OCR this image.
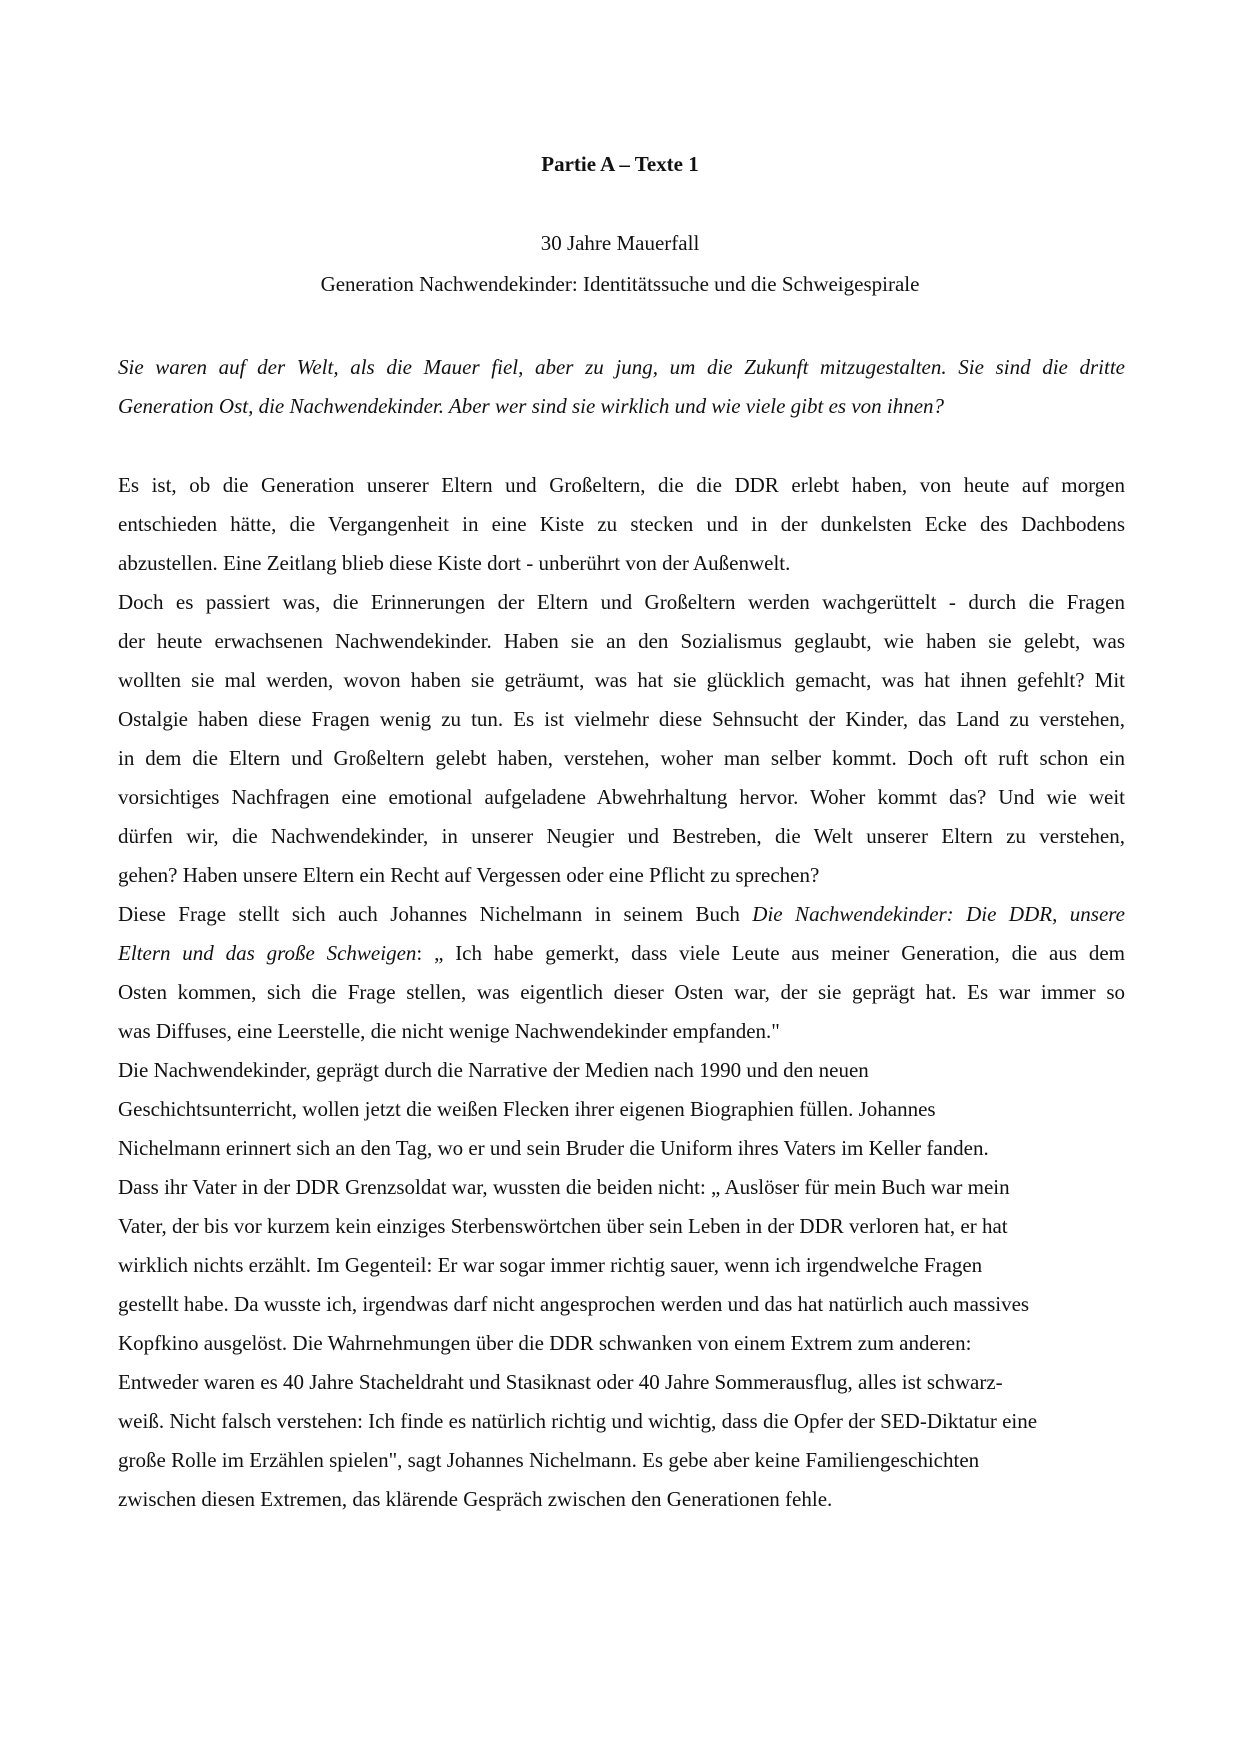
Partie A – Texte 1
30 Jahre Mauerfall
Generation Nachwendekinder: Identitätssuche und die Schweigespirale
Sie waren auf der Welt, als die Mauer fiel, aber zu jung, um die Zukunft mitzugestalten. Sie sind die dritte
Generation Ost, die Nachwendekinder. Aber wer sind sie wirklich und wie viele gibt es von ihnen?
Es ist, ob die Generation unserer Eltern und Großeltern, die die DDR erlebt haben, von heute auf morgen
entschieden hätte, die Vergangenheit in eine Kiste zu stecken und in der dunkelsten Ecke des Dachbodens
abzustellen. Eine Zeitlang blieb diese Kiste dort - unberührt von der Außenwelt.
Doch es passiert was, die Erinnerungen der Eltern und Großeltern werden wachgerüttelt - durch die Fragen
der heute erwachsenen Nachwendekinder. Haben sie an den Sozialismus geglaubt, wie haben sie gelebt, was
wollten sie mal werden, wovon haben sie geträumt, was hat sie glücklich gemacht, was hat ihnen gefehlt? Mit
Ostalgie haben diese Fragen wenig zu tun. Es ist vielmehr diese Sehnsucht der Kinder, das Land zu verstehen,
in dem die Eltern und Großeltern gelebt haben, verstehen, woher man selber kommt. Doch oft ruft schon ein
vorsichtiges Nachfragen eine emotional aufgeladene Abwehrhaltung hervor. Woher kommt das? Und wie weit
dürfen wir, die Nachwendekinder, in unserer Neugier und Bestreben, die Welt unserer Eltern zu verstehen,
gehen? Haben unsere Eltern ein Recht auf Vergessen oder eine Pflicht zu sprechen?
Diese Frage stellt sich auch Johannes Nichelmann in seinem Buch Die Nachwendekinder: Die DDR, unsere
Eltern und das große Schweigen: „ Ich habe gemerkt, dass viele Leute aus meiner Generation, die aus dem
Osten kommen, sich die Frage stellen, was eigentlich dieser Osten war, der sie geprägt hat. Es war immer so
was Diffuses, eine Leerstelle, die nicht wenige Nachwendekinder empfanden."
Die Nachwendekinder, geprägt durch die Narrative der Medien nach 1990 und den neuen
Geschichtsunterricht, wollen jetzt die weißen Flecken ihrer eigenen Biographien füllen. Johannes
Nichelmann erinnert sich an den Tag, wo er und sein Bruder die Uniform ihres Vaters im Keller fanden.
Dass ihr Vater in der DDR Grenzsoldat war, wussten die beiden nicht: „ Auslöser für mein Buch war mein
Vater, der bis vor kurzem kein einziges Sterbenswörtchen über sein Leben in der DDR verloren hat, er hat
wirklich nichts erzählt. Im Gegenteil: Er war sogar immer richtig sauer, wenn ich irgendwelche Fragen
gestellt habe. Da wusste ich, irgendwas darf nicht angesprochen werden und das hat natürlich auch massives
Kopfkino ausgelöst. Die Wahrnehmungen über die DDR schwanken von einem Extrem zum anderen:
Entweder waren es 40 Jahre Stacheldraht und Stasiknast oder 40 Jahre Sommerausflug, alles ist schwarz-
weiß. Nicht falsch verstehen: Ich finde es natürlich richtig und wichtig, dass die Opfer der SED-Diktatur eine
große Rolle im Erzählen spielen", sagt Johannes Nichelmann. Es gebe aber keine Familiengeschichten
zwischen diesen Extremen, das klärende Gespräch zwischen den Generationen fehle.
